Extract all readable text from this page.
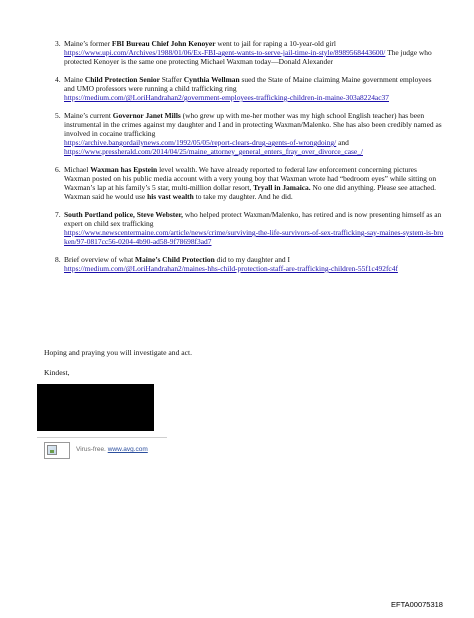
3. Maine’s former FBI Bureau Chief John Kenoyer went to jail for raping a 10-year-old girl
https://www.upi.com/Archives/1988/01/06/Ex-FBI-agent-wants-to-serve-jail-time-in-style/8989568443600/ The judge who protected Kenoyer is the same one protecting Michael Waxman today—Donald Alexander
4. Maine Child Protection Senior Staffer Cynthia Wellman sued the State of Maine claiming Maine government employees and UMO professors were running a child trafficking ring
https://medium.com/@LoriHandrahan2/government-employees-trafficking-children-in-maine-303a8224ac37
5. Maine’s current Governor Janet Mills (who grew up with me-her mother was my high school English teacher) has been instrumental in the crimes against my daughter and I and in protecting Waxman/Malenko. She has also been credibly named as involved in cocaine trafficking
https://archive.bangordailynews.com/1992/05/05/report-clears-drug-agents-of-wrongdoing/ and
https://www.pressherald.com/2014/04/25/maine_attorney_general_enters_fray_over_divorce_case_/
6. Michael Waxman has Epstein level wealth. We have already reported to federal law enforcement concerning pictures Waxman posted on his public media account with a very young boy that Waxman wrote had “bedroom eyes” while sitting on Waxman’s lap at his family’s 5 star, multi-million dollar resort, Tryall in Jamaica. No one did anything. Please see attached. Waxman said he would use his vast wealth to take my daughter. And he did.
7. South Portland police, Steve Webster, who helped protect Waxman/Malenko, has retired and is now presenting himself as an expert on child sex trafficking
https://www.newscentermaine.com/article/news/crime/surviving-the-life-survivors-of-sex-trafficking-say-maines-system-is-broken/97-0817cc56-0204-4b90-ad58-9f78698f3ad7
8. Brief overview of what Maine’s Child Protection did to my daughter and I
https://medium.com/@LoriHandrahan2/maines-hhs-child-protection-staff-are-trafficking-children-55f1c492fc4f
Hoping and praying you will investigate and act.
Kindest,
Virus-free. www.avg.com
EFTA00075318
